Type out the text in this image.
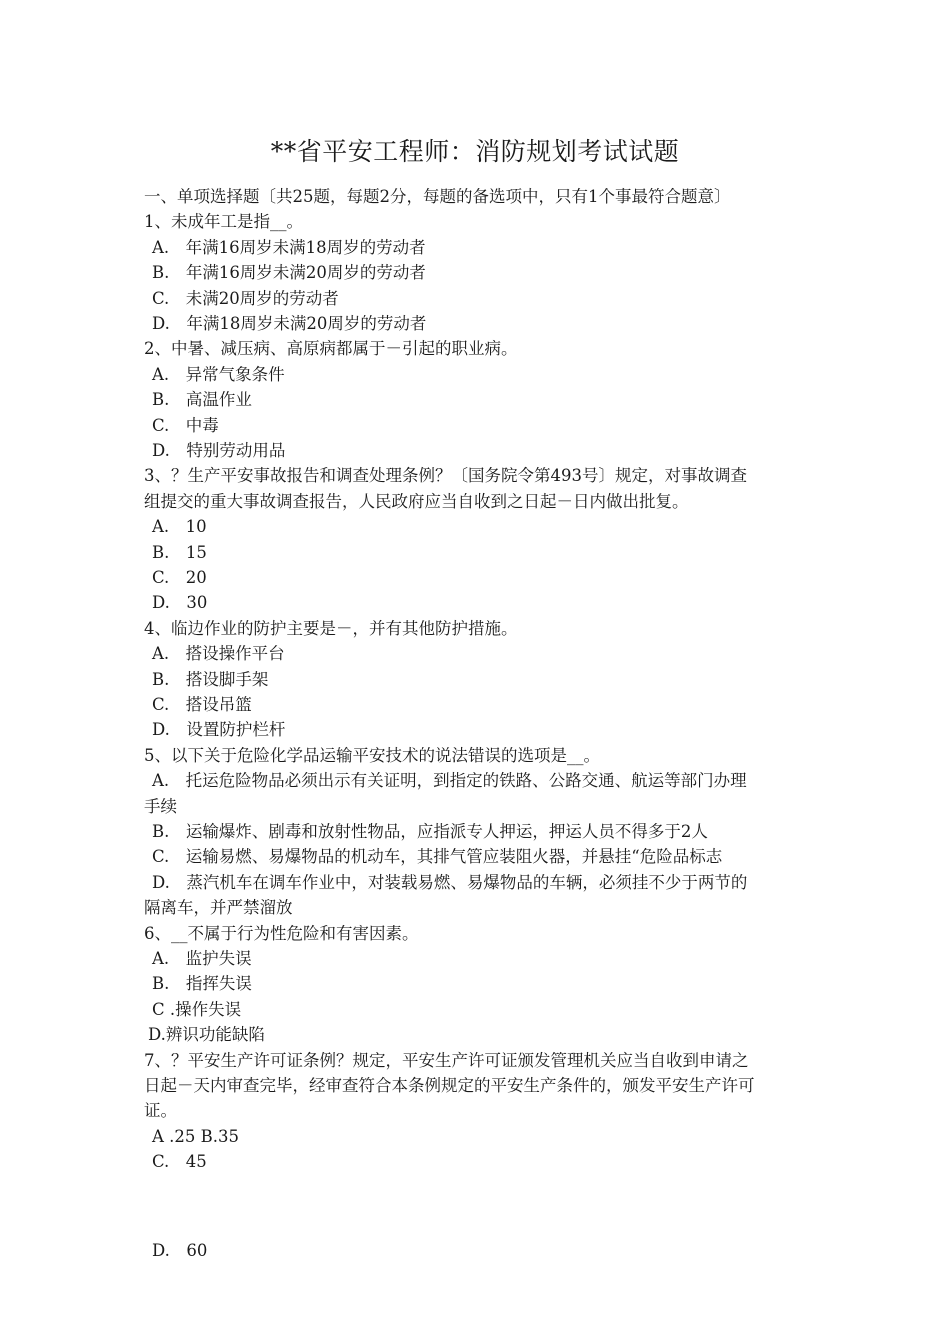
**省平安工程师：消防规划考试试题
一、单项选择题〔共25题，每题2分，每题的备选项中，只有1个事最符合题意〕
1、未成年工是指__。
A.　年满16周岁未满18周岁的劳动者
B.　年满16周岁未满20周岁的劳动者
C.　未满20周岁的劳动者
D.　年满18周岁未满20周岁的劳动者
2、中暑、减压病、高原病都属于－引起的职业病。
A.　异常气象条件
B.　高温作业
C.　中毒
D.　特别劳动用品
3、？生产平安事故报告和调查处理条例？〔国务院令第493号〕规定，对事故调查
组提交的重大事故调查报告，人民政府应当自收到之日起－日内做出批复。
A.　10
B.　15
C.　20
D.　30
4、临边作业的防护主要是－，并有其他防护措施。
A.　搭设操作平台
B.　搭设脚手架
C.　搭设吊篮
D.　设置防护栏杆
5、以下关于危险化学品运输平安技术的说法错误的选项是__。
A.　托运危险物品必须出示有关证明，到指定的铁路、公路交通、航运等部门办理
手续
B.　运输爆炸、剧毒和放射性物品，应指派专人押运，押运人员不得多于2人
C.　运输易燃、易爆物品的机动车，其排气管应装阻火器，并悬挂“危险品标志
D.　蒸汽机车在调车作业中，对装载易燃、易爆物品的车辆，必须挂不少于两节的
隔离车，并严禁溜放
6、__不属于行为性危险和有害因素。
A.　监护失误
B.　指挥失误
C .操作失误
D.辨识功能缺陷
7、？平安生产许可证条例？规定，平安生产许可证颁发管理机关应当自收到申请之
日起－天内审查完毕，经审查符合本条例规定的平安生产条件的，颁发平安生产许可
证。
A .25 B.35
C.　45
D.　60
